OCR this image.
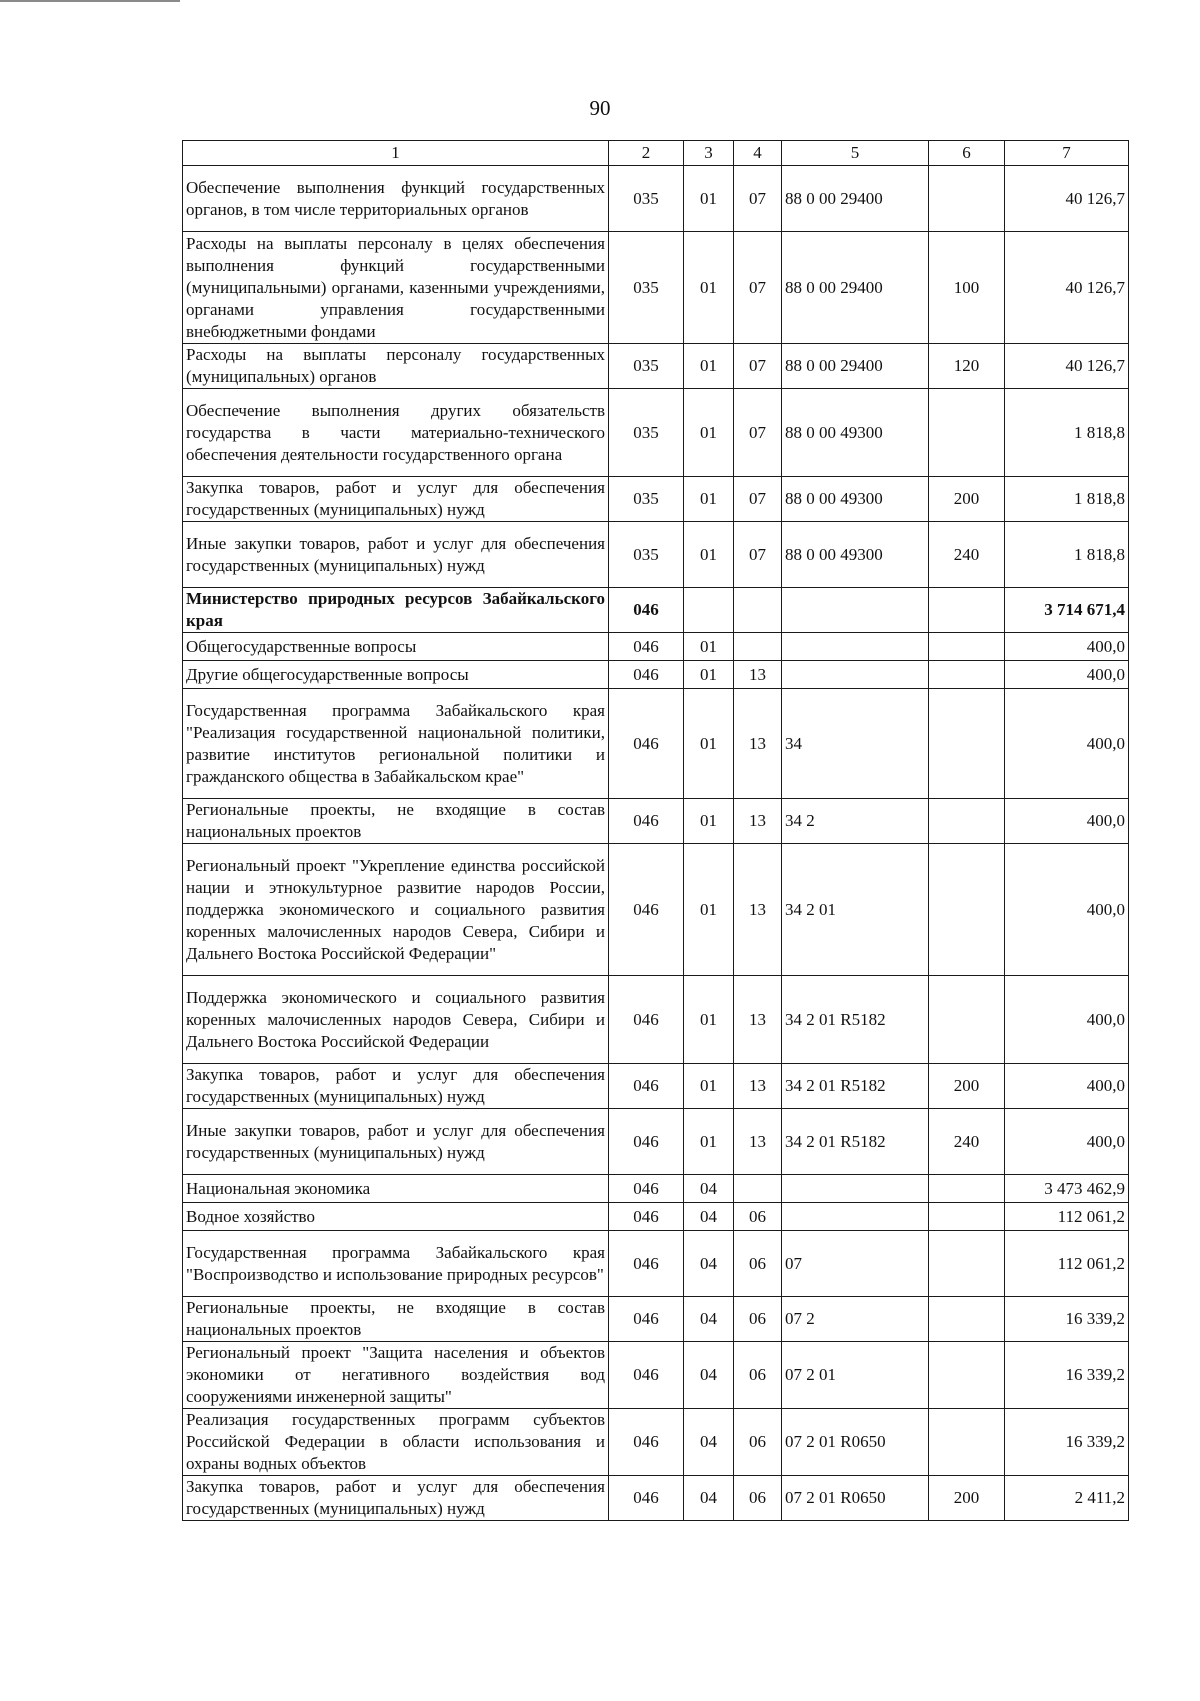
90
1	2	3	4	5	6	7
Обеспечение выполнения функций государственных органов, в том числе территориальных органов	035	01	07	88 0 00 29400		40 126,7
Расходы на выплаты персоналу в целях обеспечения выполнения функций государственными (муниципальными) органами, казенными учреждениями, органами управления государственными внебюджетными фондами	035	01	07	88 0 00 29400	100	40 126,7
Расходы на выплаты персоналу государственных (муниципальных) органов	035	01	07	88 0 00 29400	120	40 126,7
Обеспечение выполнения других обязательств государства в части материально-технического обеспечения деятельности государственного органа	035	01	07	88 0 00 49300		1 818,8
Закупка товаров, работ и услуг для обеспечения государственных (муниципальных) нужд	035	01	07	88 0 00 49300	200	1 818,8
Иные закупки товаров, работ и услуг для обеспечения государственных (муниципальных) нужд	035	01	07	88 0 00 49300	240	1 818,8
Министерство природных ресурсов Забайкальского края	046					3 714 671,4
Общегосударственные вопросы	046	01				400,0
Другие общегосударственные вопросы	046	01	13			400,0
Государственная программа Забайкальского края "Реализация государственной национальной политики, развитие институтов региональной политики и гражданского общества в Забайкальском крае"	046	01	13	34		400,0
Региональные проекты, не входящие в состав национальных проектов	046	01	13	34 2		400,0
Региональный проект "Укрепление единства российской нации и этнокультурное развитие народов России, поддержка экономического и социального развития коренных малочисленных народов Севера, Сибири и Дальнего Востока Российской Федерации"	046	01	13	34 2 01		400,0
Поддержка экономического и социального развития коренных малочисленных народов Севера, Сибири и Дальнего Востока Российской Федерации	046	01	13	34 2 01 R5182		400,0
Закупка товаров, работ и услуг для обеспечения государственных (муниципальных) нужд	046	01	13	34 2 01 R5182	200	400,0
Иные закупки товаров, работ и услуг для обеспечения государственных (муниципальных) нужд	046	01	13	34 2 01 R5182	240	400,0
Национальная экономика	046	04				3 473 462,9
Водное хозяйство	046	04	06			112 061,2
Государственная программа Забайкальского края "Воспроизводство и использование природных ресурсов"	046	04	06	07		112 061,2
Региональные проекты, не входящие в состав национальных проектов	046	04	06	07 2		16 339,2
Региональный проект "Защита населения и объектов экономики от негативного воздействия вод сооружениями инженерной защиты"	046	04	06	07 2 01		16 339,2
Реализация государственных программ субъектов Российской Федерации в области использования и охраны водных объектов	046	04	06	07 2 01 R0650		16 339,2
Закупка товаров, работ и услуг для обеспечения государственных (муниципальных) нужд	046	04	06	07 2 01 R0650	200	2 411,2
